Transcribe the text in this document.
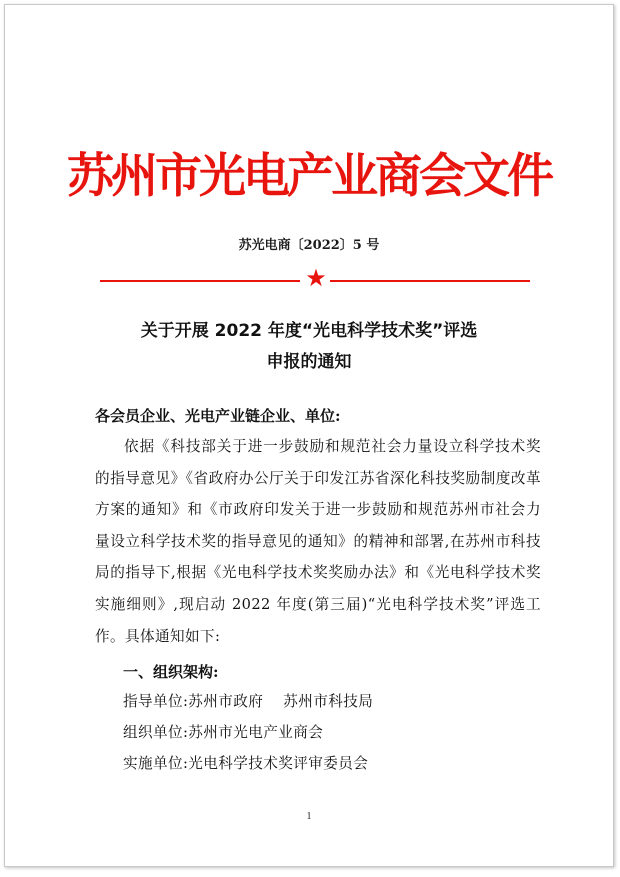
苏州市光电产业商会文件
苏光电商〔2022〕5 号
★
关于开展 2022 年度“光电科学技术奖”评选
申报的通知
各会员企业、光电产业链企业、单位:
依据《科技部关于进一步鼓励和规范社会力量设立科学技术奖的指导意见》《省政府办公厅关于印发江苏省深化科技奖励制度改革方案的通知》和《市政府印发关于进一步鼓励和规范苏州市社会力量设立科学技术奖的指导意见的通知》的精神和部署,在苏州市科技局的指导下,根据《光电科学技术奖奖励办法》和《光电科学技术奖实施细则》,现启动 2022 年度(第三届)“光电科学技术奖”评选工作。具体通知如下:
一、组织架构:
指导单位:苏州市政府　 苏州市科技局
组织单位:苏州市光电产业商会
实施单位:光电科学技术奖评审委员会
1
